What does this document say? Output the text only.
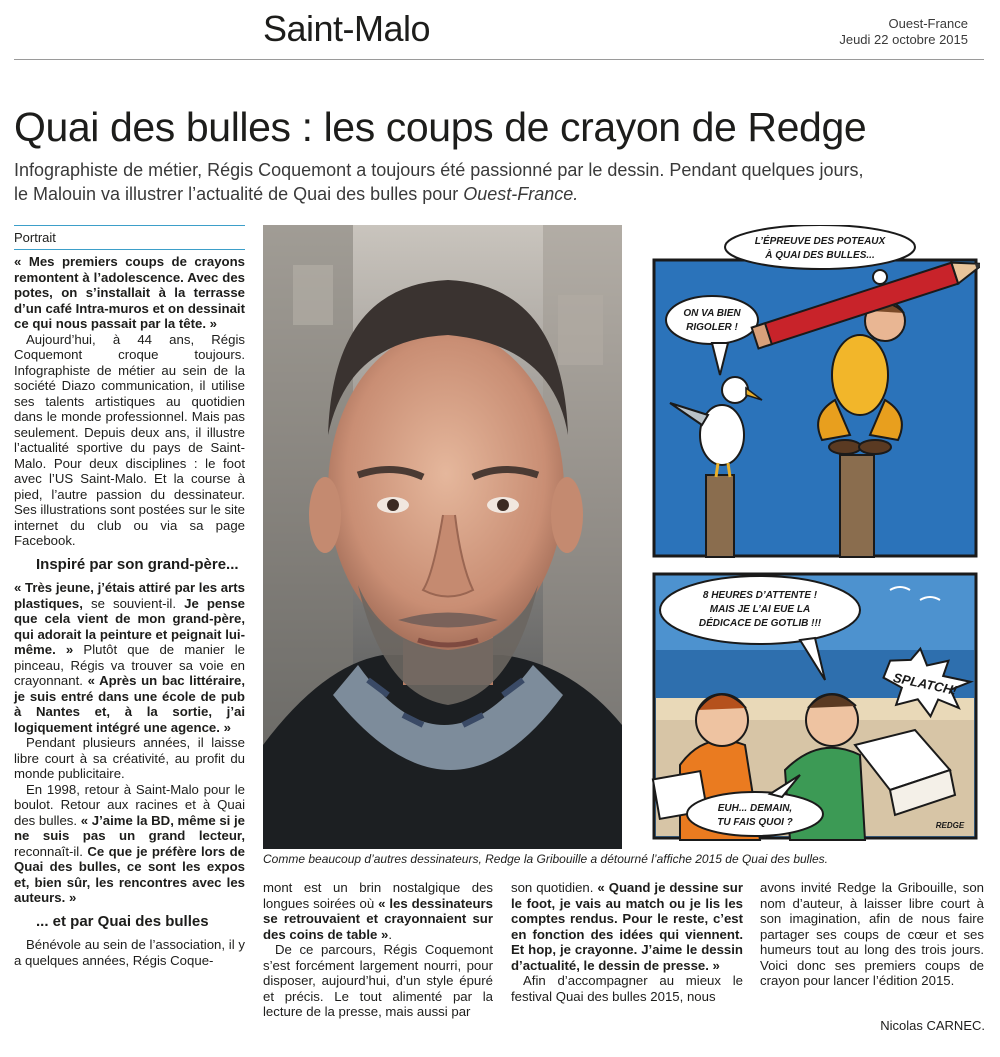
Saint-Malo	Ouest-France
Jeudi 22 octobre 2015
Quai des bulles : les coups de crayon de Redge
Infographiste de métier, Régis Coquemont a toujours été passionné par le dessin. Pendant quelques jours, le Malouin va illustrer l’actualité de Quai des bulles pour Ouest-France.
Portrait

« Mes premiers coups de crayons remontent à l’adolescence. Avec des potes, on s’installait à la terrasse d’un café Intra-muros et on dessinait ce qui nous passait par la tête. »

Aujourd’hui, à 44 ans, Régis Coquemont croque toujours. Infographiste de métier au sein de la société Diazo communication, il utilise ses talents artistiques au quotidien dans le monde professionnel. Mais pas seulement. Depuis deux ans, il illustre l’actualité sportive du pays de Saint-Malo. Pour deux disciplines : le foot avec l’US Saint-Malo. Et la course à pied, l’autre passion du dessinateur. Ses illustrations sont postées sur le site internet du club ou via sa page Facebook.

Inspiré par son grand-père...

« Très jeune, j’étais attiré par les arts plastiques, se souvient-il. Je pense que cela vient de mon grand-père, qui adorait la peinture et peignait lui-même. » Plutôt que de manier le pinceau, Régis va trouver sa voie en crayonnant. « Après un bac littéraire, je suis entré dans une école de pub à Nantes et, à la sortie, j’ai logiquement intégré une agence. »

Pendant plusieurs années, il laisse libre court à sa créativité, au profit du monde publicitaire.

En 1998, retour à Saint-Malo pour le boulot. Retour aux racines et à Quai des bulles. « J’aime la BD, même si je ne suis pas un grand lecteur, reconnaît-il. Ce que je préfère lors de Quai des bulles, ce sont les expos et, bien sûr, les rencontres avec les auteurs. »

... et par Quai des bulles

Bénévole au sein de l’association, il y a quelques années, Régis Coque-

Comme beaucoup d’autres dessinateurs, Redge la Gribouille a détourné l’affiche 2015 de Quai des bulles.
L’ÉPREUVE DES POTEAUX
À QUAI DES BULLES...
ON VA BIEN
RIGOLER !
8 HEURES D’ATTENTE !
MAIS JE L’AI EUE LA
DÉDICACE DE GOTLIB !!!
SPLATCH!
EUH... DEMAIN,
TU FAIS QUOI ?	REDGE

mont est un brin nostalgique des longues soirées où « les dessinateurs se retrouvaient et crayonnaient sur des coins de table ».

De ce parcours, Régis Coquemont s’est forcément largement nourri, pour disposer, aujourd’hui, d’un style épuré et précis. Le tout alimenté par la lecture de la presse, mais aussi par

son quotidien. « Quand je dessine sur le foot, je vais au match ou je lis les comptes rendus. Pour le reste, c’est en fonction des idées qui viennent. Et hop, je crayonne. J’aime le dessin d’actualité, le dessin de presse. »

Afin d’accompagner au mieux le festival Quai des bulles 2015, nous

avons invité Redge la Gribouille, son nom d’auteur, à laisser libre court à son imagination, afin de nous faire partager ses coups de cœur et ses humeurs tout au long des trois jours. Voici donc ses premiers coups de crayon pour lancer l’édition 2015.

Nicolas CARNEC.
